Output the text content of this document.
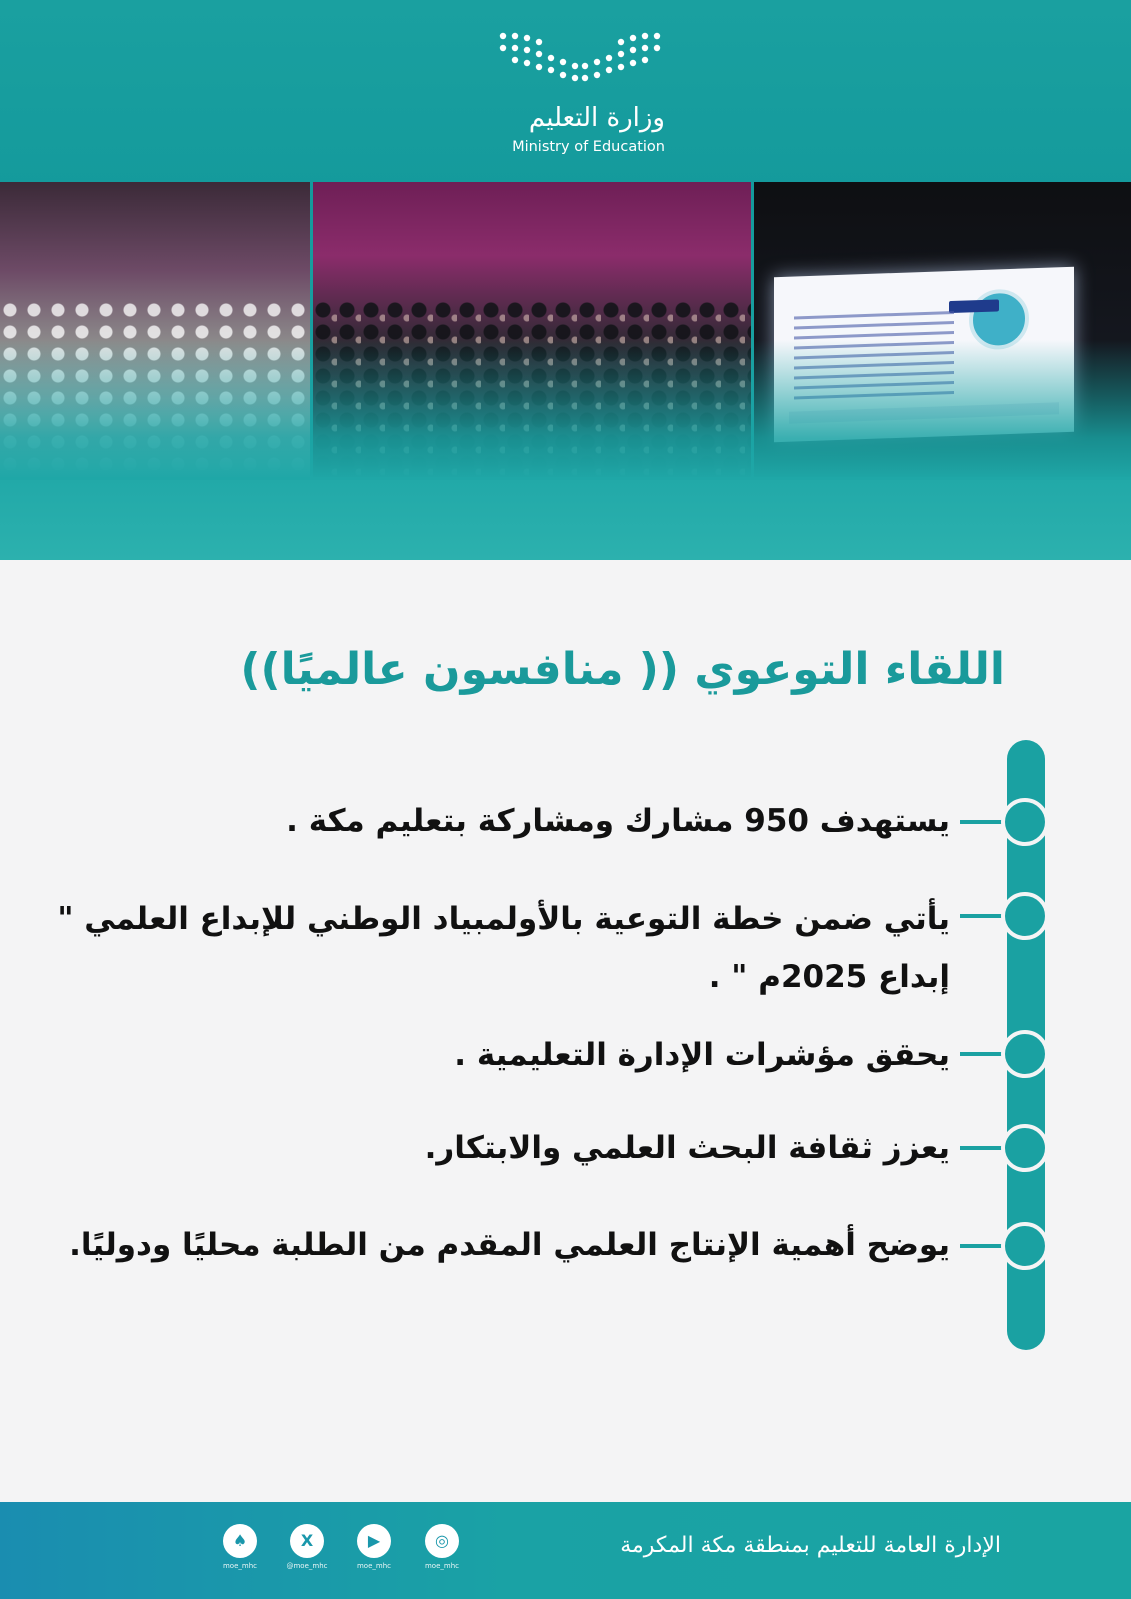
وزارة التعليم
Ministry of Education
اللقاء التوعوي (( منافسون عالميًا))
يستهدف 950 مشارك ومشاركة بتعليم مكة .
يأتي ضمن خطة التوعية بالأولمبياد الوطني للإبداع العلمي " إبداع 2025م " .
يحقق مؤشرات الإدارة التعليمية .
يعزز ثقافة البحث العلمي والابتكار.
يوضح أهمية الإنتاج العلمي المقدم من الطلبة محليًا ودوليًا.
الإدارة العامة للتعليم بمنطقة مكة المكرمة
◎
moe_mhc
▶
moe_mhc
X
@moe_mhc
♠
moe_mhc
